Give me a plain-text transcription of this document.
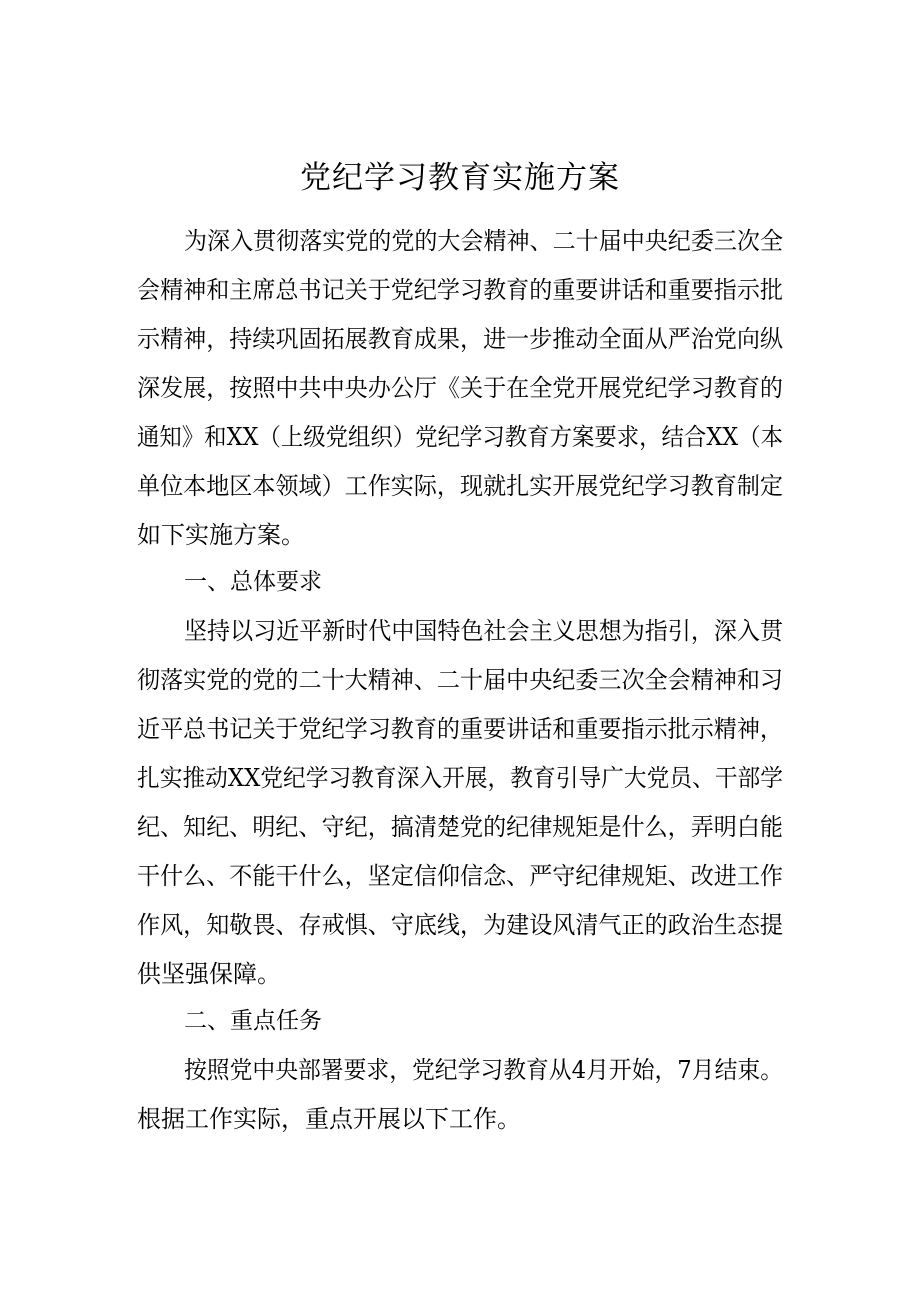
党纪学习教育实施方案
为深入贯彻落实党的党的大会精神、二十届中央纪委三次全
会精神和主席总书记关于党纪学习教育的重要讲话和重要指示批
示精神，持续巩固拓展教育成果，进一步推动全面从严治党向纵
深发展，按照中共中央办公厅《关于在全党开展党纪学习教育的
通知》和XX（上级党组织）党纪学习教育方案要求，结合XX（本
单位本地区本领域）工作实际，现就扎实开展党纪学习教育制定
如下实施方案。
一、总体要求
坚持以习近平新时代中国特色社会主义思想为指引，深入贯
彻落实党的党的二十大精神、二十届中央纪委三次全会精神和习
近平总书记关于党纪学习教育的重要讲话和重要指示批示精神，
扎实推动XX党纪学习教育深入开展，教育引导广大党员、干部学
纪、知纪、明纪、守纪，搞清楚党的纪律规矩是什么，弄明白能
干什么、不能干什么，坚定信仰信念、严守纪律规矩、改进工作
作风，知敬畏、存戒惧、守底线，为建设风清气正的政治生态提
供坚强保障。
二、重点任务
按照党中央部署要求，党纪学习教育从4月开始，7月结束。
根据工作实际，重点开展以下工作。
